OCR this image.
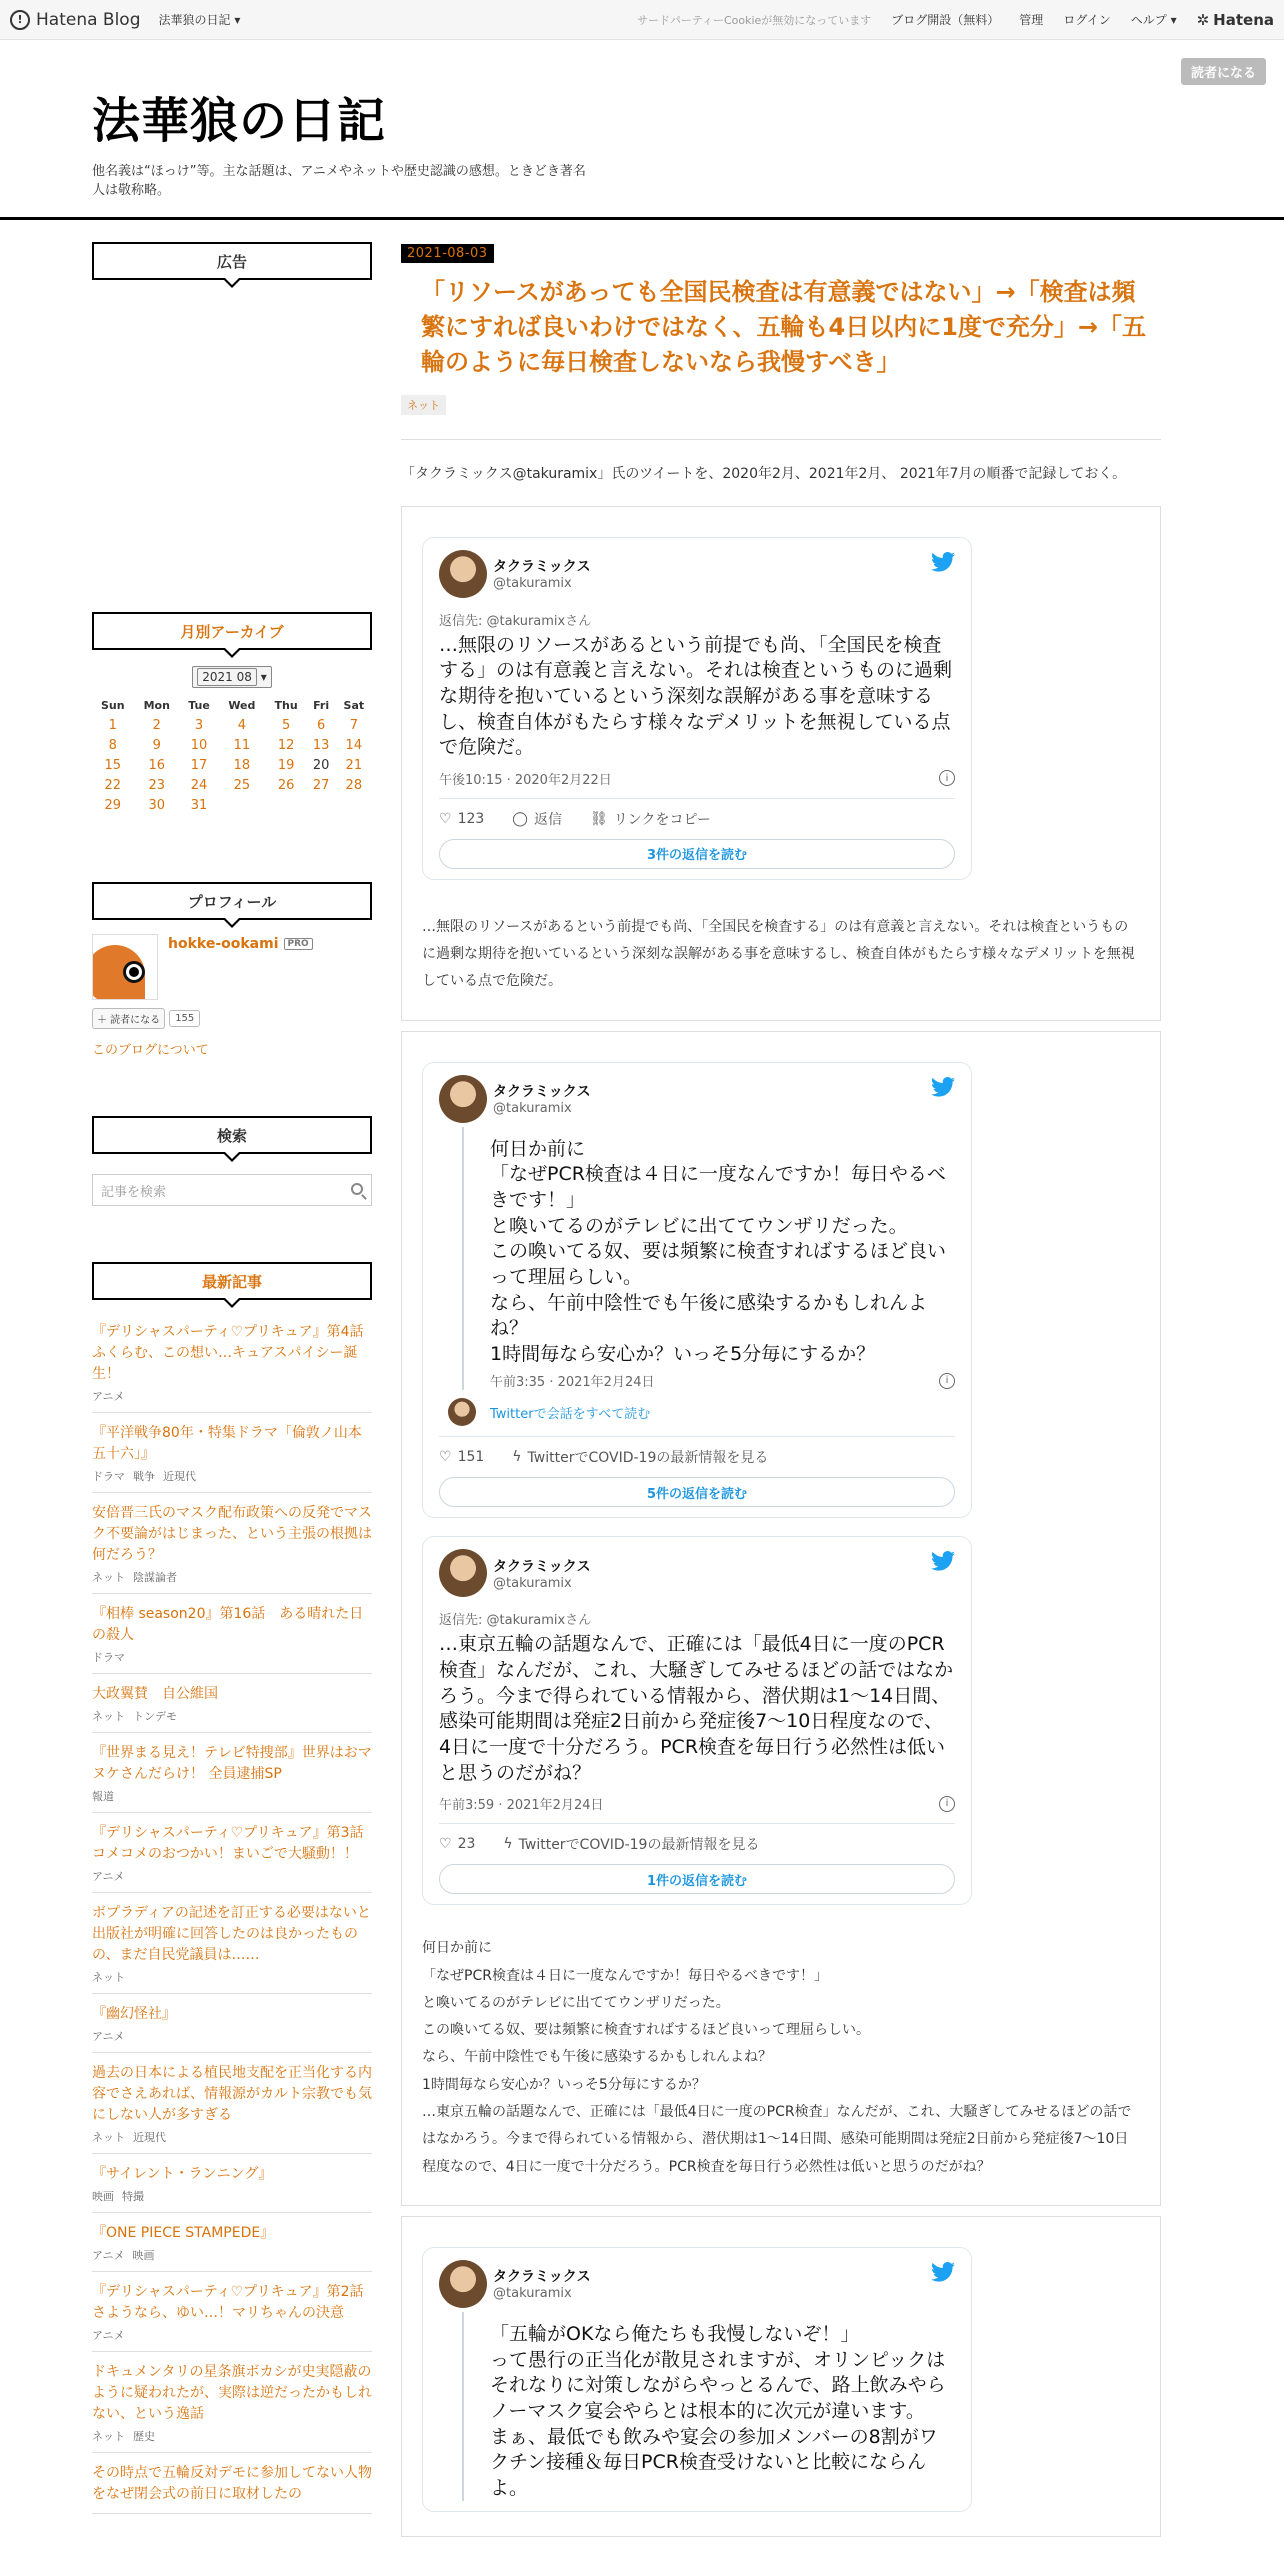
! Hatena Blog 法華狼の日記 ▾	サードパーティーCookieが無効になっています ブログ開設（無料） 管理 ログイン ヘルプ ▾ ✲ Hatena
法華狼の日記

他名義は“ほっけ”等。主な話題は、アニメやネットや歴史認識の感想。ときどき著名人は敬称略。

読者になる
広告
月別アーカイブ
2021 08 ▾
Sun	Mon	Tue	Wed	Thu	Fri	Sat
1	2	3	4	5	6	7
8	9	10	11	12	13	14
15	16	17	18	19	20	21
22	23	24	25	26	27	28
29	30	31				
プロフィール
hokke-ookami PRO
＋ 読者になる	155
このブログについて
検索
記事を検索
最新記事
『デリシャスパーティ♡プリキュア』第4話　ふくらむ、この想い…キュアスパイシー誕生！
アニメ
『平洋戦争80年・特集ドラマ「倫敦ノ山本五十六」』
ドラマ 戦争 近現代
安倍晋三氏のマスク配布政策への反発でマスク不要論がはじまった、という主張の根拠は何だろう？
ネット 陰謀論者
『相棒 season20』第16話　ある晴れた日の殺人
ドラマ
大政翼賛　自公維国
ネット トンデモ
『世界まる見え！テレビ特捜部』世界はおマヌケさんだらけ！ 全員逮捕SP
報道
『デリシャスパーティ♡プリキュア』第3話　コメコメのおつかい！まいごで大騒動！！
アニメ
ボプラディアの記述を訂正する必要はないと出版社が明確に回答したのは良かったものの、まだ自民党議員は……
ネット
『幽幻怪社』
アニメ
過去の日本による植民地支配を正当化する内容でさえあれば、情報源がカルト宗教でも気にしない人が多すぎる
ネット 近現代
『サイレント・ランニング』
映画 特撮
『ONE PIECE STAMPEDE』
アニメ 映画
『デリシャスパーティ♡プリキュア』第2話　さようなら、ゆい…！マリちゃんの決意
アニメ
ドキュメンタリの星条旗ボカシが史実隠蔽のように疑われたが、実際は逆だったかもしれない、という逸話
ネット 歴史
その時点で五輪反対デモに参加してない人物をなぜ閉会式の前日に取材したの
2021-08-03
「リソースがあっても全国民検査は有意義ではない」→「検査は頻繁にすれば良いわけではなく、五輪も4日以内に1度で充分」→「五輪のように毎日検査しないなら我慢すべき」
ネット

「タクラミックス@takuramix」氏のツイートを、2020年2月、2021年2月、 2021年7月の順番で記録しておく。

タクラミックス
@takuramix
返信先: @takuramixさん
…無限のリソースがあるという前提でも尚、「全国民を検査する」のは有意義と言えない。それは検査というものに過剰な期待を抱いているという深刻な誤解がある事を意味するし、検査自体がもたらす様々なデメリットを無視している点で危険だ。
午後10:15 · 2020年2月22日	i
♡ 123 ◯ 返信 ⛓ リンクをコピー
3件の返信を読む

…無限のリソースがあるという前提でも尚、「全国民を検査する」のは有意義と言えない。それは検査というものに過剰な期待を抱いているという深刻な誤解がある事を意味するし、検査自体がもたらす様々なデメリットを無視している点で危険だ。

タクラミックス
@takuramix
何日か前に
「なぜPCR検査は４日に一度なんですか！毎日やるべきです！」
と喚いてるのがテレビに出ててウンザリだった。
この喚いてる奴、要は頻繁に検査すればするほど良いって理屈らしい。
なら、午前中陰性でも午後に感染するかもしれんよね？
1時間毎なら安心か？いっそ5分毎にするか？
午前3:35 · 2021年2月24日	i
Twitterで会話をすべて読む
♡ 151 ϟ TwitterでCOVID-19の最新情報を見る
5件の返信を読む
タクラミックス
@takuramix
返信先: @takuramixさん
…東京五輪の話題なんで、正確には「最低4日に一度のPCR検査」なんだが、これ、大騒ぎしてみせるほどの話ではなかろう。今まで得られている情報から、潜伏期は1～14日間、感染可能期間は発症2日前から発症後7～10日程度なので、4日に一度で十分だろう。PCR検査を毎日行う必然性は低いと思うのだがね？
午前3:59 · 2021年2月24日	i
♡ 23 ϟ TwitterでCOVID-19の最新情報を見る
1件の返信を読む

何日か前に
「なぜPCR検査は４日に一度なんですか！毎日やるべきです！」
と喚いてるのがテレビに出ててウンザリだった。
この喚いてる奴、要は頻繁に検査すればするほど良いって理屈らしい。
なら、午前中陰性でも午後に感染するかもしれんよね？
1時間毎なら安心か？いっそ5分毎にするか？
…東京五輪の話題なんで、正確には「最低4日に一度のPCR検査」なんだが、これ、大騒ぎしてみせるほどの話ではなかろう。今まで得られている情報から、潜伏期は1～14日間、感染可能期間は発症2日前から発症後7～10日程度なので、4日に一度で十分だろう。PCR検査を毎日行う必然性は低いと思うのだがね？

タクラミックス
@takuramix
「五輪がOKなら俺たちも我慢しないぞ！」
って愚行の正当化が散見されますが、オリンピックはそれなりに対策しながらやっとるんで、路上飲みやらノーマスク宴会やらとは根本的に次元が違います。
まぁ、最低でも飲みや宴会の参加メンバーの8割がワクチン接種＆毎日PCR検査受けないと比較にならんよ。
